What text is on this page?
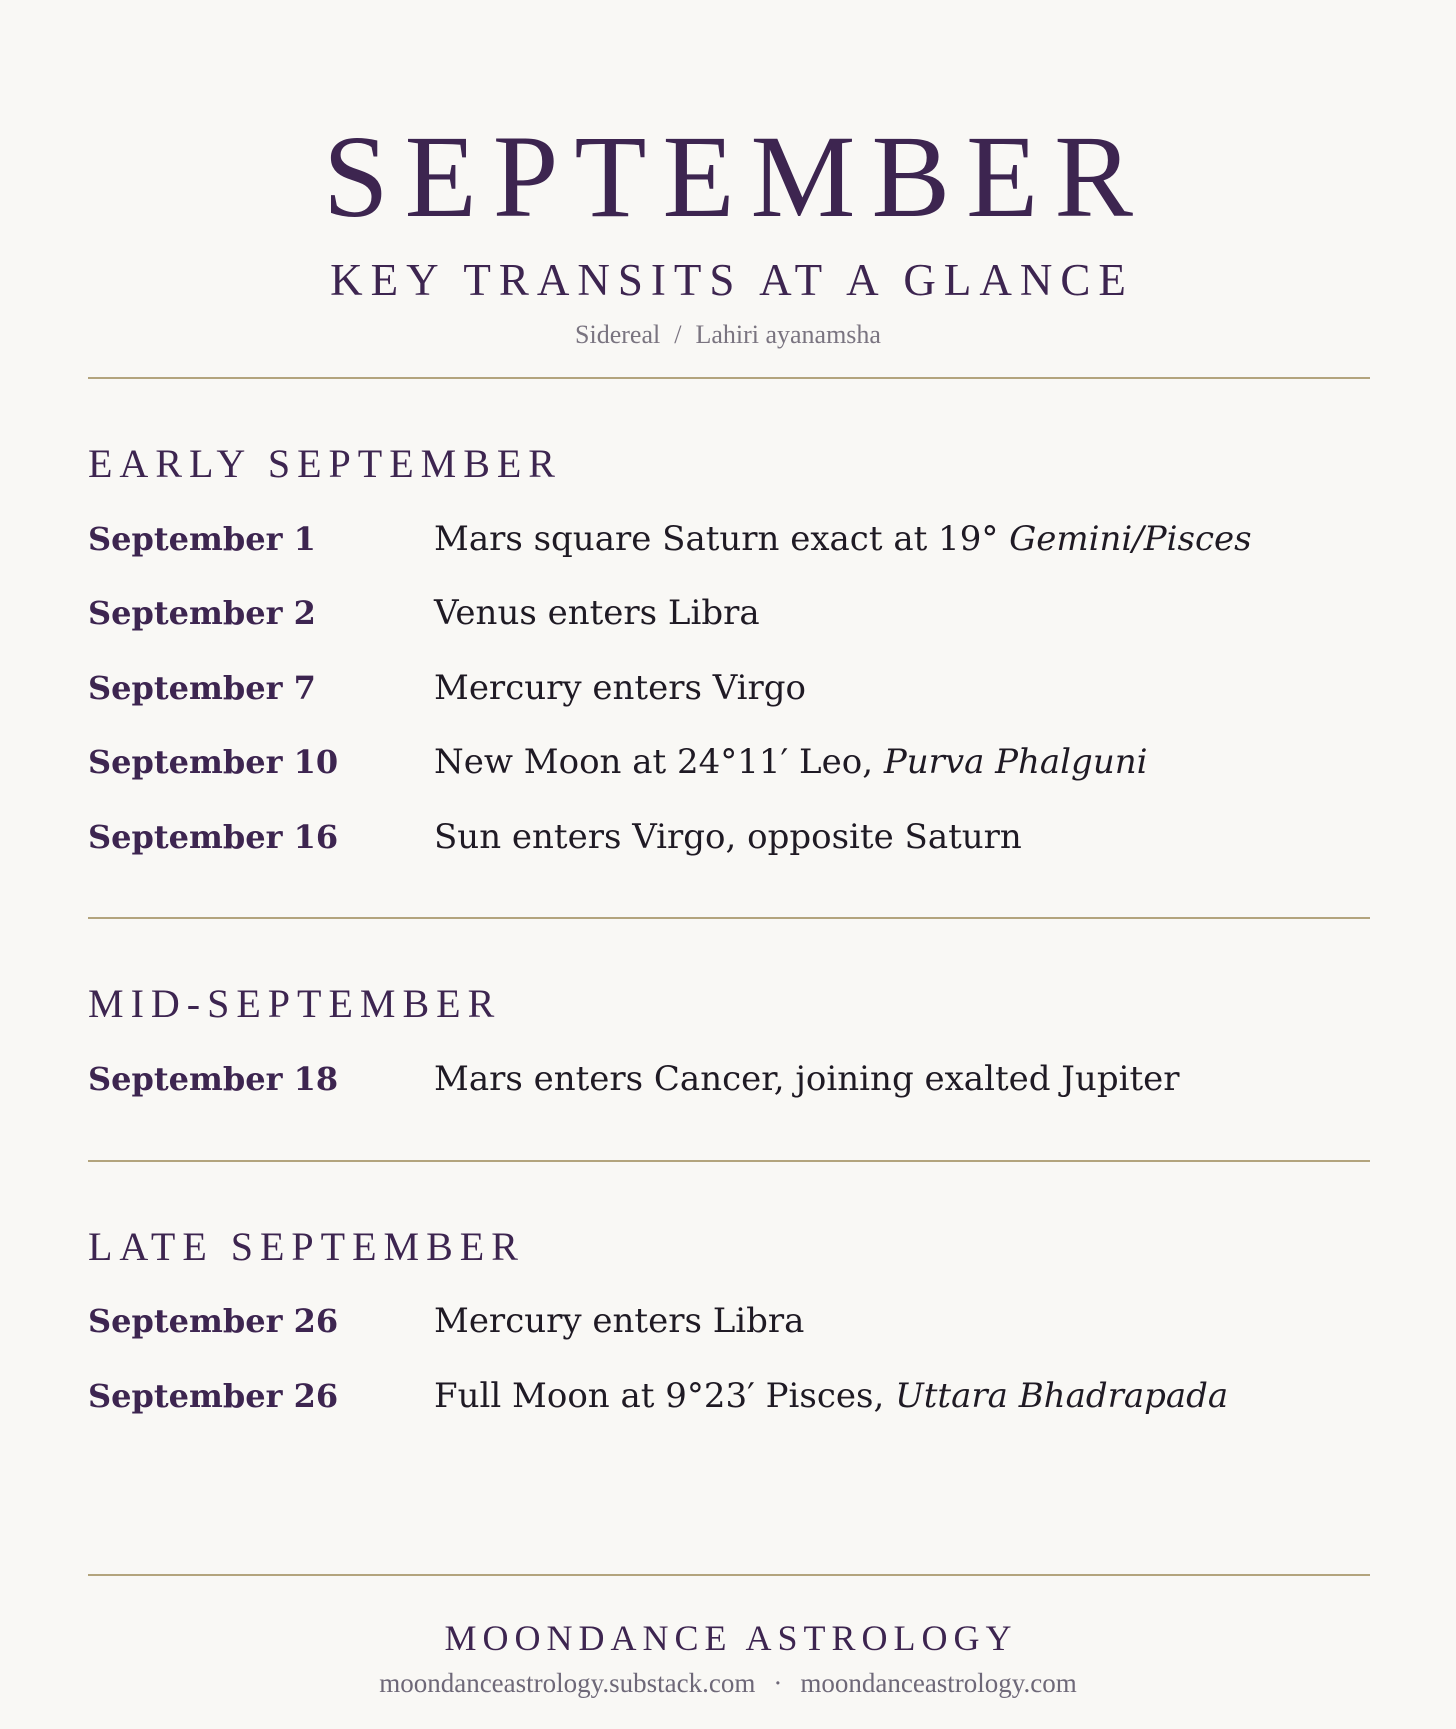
SEPTEMBER
KEY TRANSITS AT A GLANCE
Sidereal / Lahiri ayanamsha
EARLY SEPTEMBER
September 1	Mars square Saturn exact at 19° Gemini/Pisces
September 2	Venus enters Libra
September 7	Mercury enters Virgo
September 10	New Moon at 24°11′ Leo, Purva Phalguni
September 16	Sun enters Virgo, opposite Saturn
MID-SEPTEMBER
September 18	Mars enters Cancer, joining exalted Jupiter
LATE SEPTEMBER
September 26	Mercury enters Libra
September 26	Full Moon at 9°23′ Pisces, Uttara Bhadrapada
MOONDANCE ASTROLOGY
moondanceastrology.substack.com · moondanceastrology.com
